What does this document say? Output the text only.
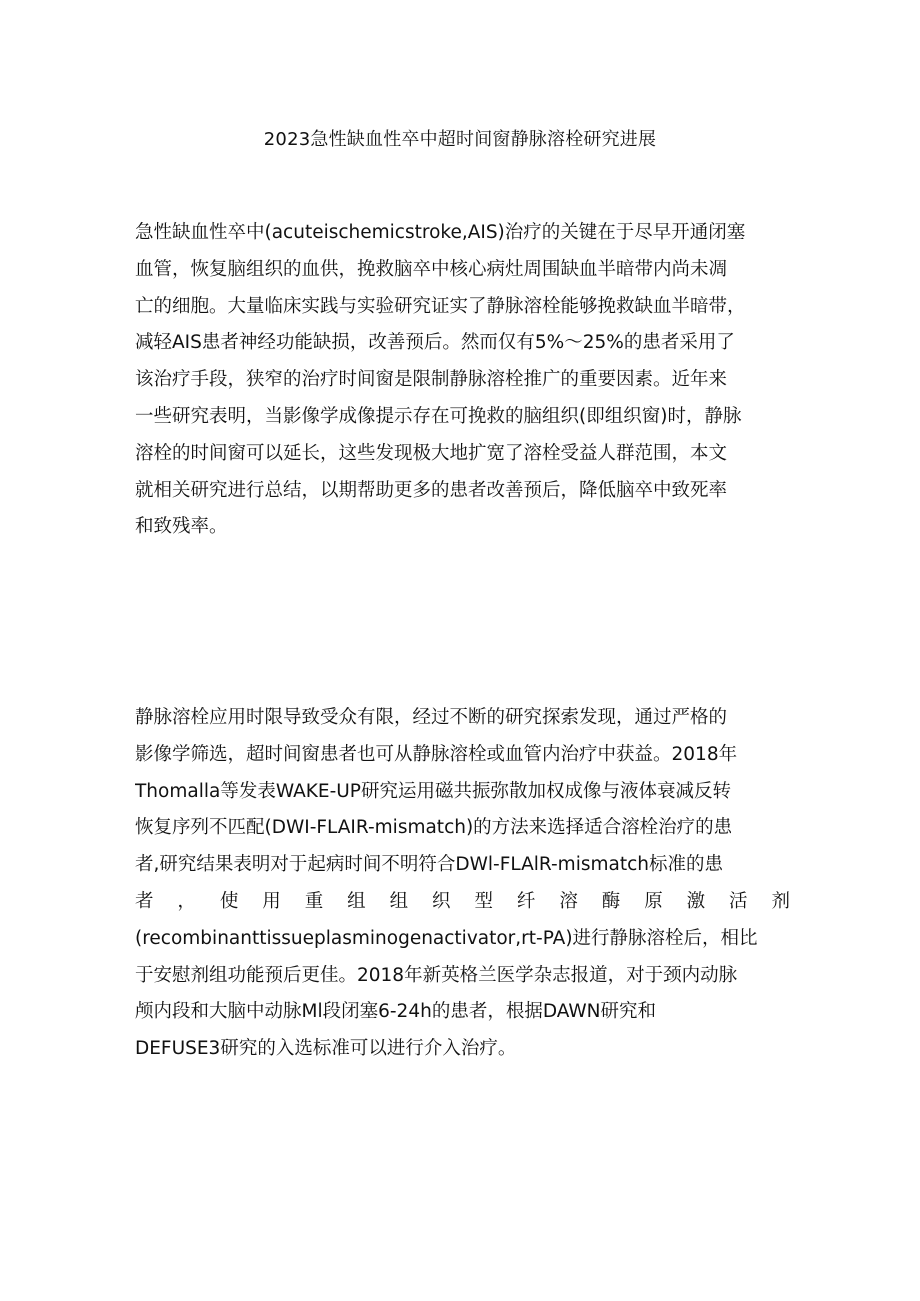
2023急性缺血性卒中超时间窗静脉溶栓研究进展
急性缺血性卒中(acuteischemicstroke,AIS)治疗的关键在于尽早开通闭塞
血管，恢复脑组织的血供，挽救脑卒中核心病灶周围缺血半暗带内尚未凋
亡的细胞。大量临床实践与实验研究证实了静脉溶栓能够挽救缺血半暗带，
减轻AIS患者神经功能缺损，改善预后。然而仅有5%〜25%的患者采用了
该治疗手段，狭窄的治疗时间窗是限制静脉溶栓推广的重要因素。近年来
一些研究表明，当影像学成像提示存在可挽救的脑组织(即组织窗)时，静脉
溶栓的时间窗可以延长，这些发现极大地扩宽了溶栓受益人群范围，本文
就相关研究进行总结，以期帮助更多的患者改善预后，降低脑卒中致死率
和致残率。
静脉溶栓应用时限导致受众有限，经过不断的研究探索发现，通过严格的
影像学筛选，超时间窗患者也可从静脉溶栓或血管内治疗中获益。2018年
Thomalla等发表WAKE-UP研究运用磁共振弥散加权成像与液体衰减反转
恢复序列不匹配(DWI-FLAIR-mismatch)的方法来选择适合溶栓治疗的患
者,研究结果表明对于起病时间不明符合DWl-FLAlR-mismatch标准的患
者，使用重组组织型纤溶酶原激活剂
(recombinanttissueplasminogenactivator,rt-PA)进行静脉溶栓后，相比
于安慰剂组功能预后更佳。2018年新英格兰医学杂志报道，对于颈内动脉
颅内段和大脑中动脉Ml段闭塞6-24h的患者，根据DAWN研究和
DEFUSE3研究的入选标准可以进行介入治疗。
